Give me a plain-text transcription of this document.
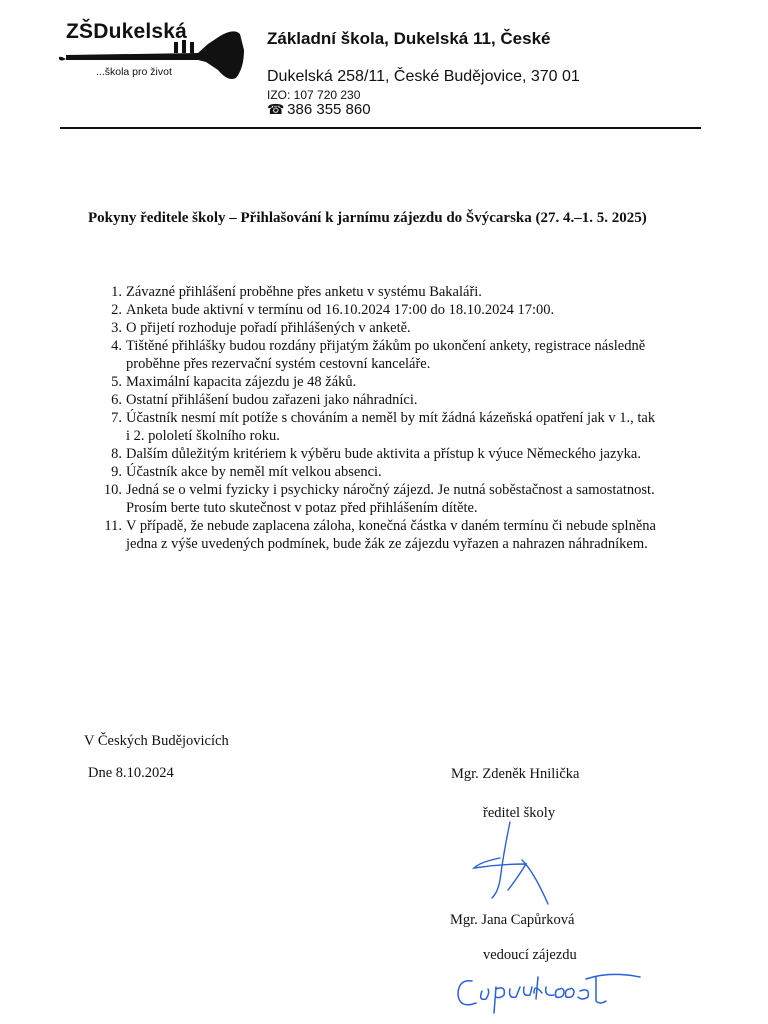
ZŠDukelská
...škola pro život
Základní škola, Dukelská 11, České
Dukelská 258/11, České Budějovice, 370 01
IZO: 107 720 230
☎ 386 355 860
Pokyny ředitele školy – Přihlašování k jarnímu zájezdu do Švýcarska (27. 4.–1. 5. 2025)
1. Závazné přihlášení proběhne přes anketu v systému Bakaláři.
2. Anketa bude aktivní v termínu od 16.10.2024 17:00 do 18.10.2024 17:00.
3. O přijetí rozhoduje pořadí přihlášených v anketě.
4. Tištěné přihlášky budou rozdány přijatým žákům po ukončení ankety, registrace následně proběhne přes rezervační systém cestovní kanceláře.
5. Maximální kapacita zájezdu je 48 žáků.
6. Ostatní přihlášení budou zařazeni jako náhradníci.
7. Účastník nesmí mít potíže s chováním a neměl by mít žádná kázeňská opatření jak v 1., tak i 2. pololetí školního roku.
8. Dalším důležitým kritériem k výběru bude aktivita a přístup k výuce Německého jazyka.
9. Účastník akce by neměl mít velkou absenci.
10. Jedná se o velmi fyzicky i psychicky náročný zájezd. Je nutná soběstačnost a samostatnost. Prosím berte tuto skutečnost v potaz před přihlášením dítěte.
11. V případě, že nebude zaplacena záloha, konečná částka v daném termínu či nebude splněna jedna z výše uvedených podmínek, bude žák ze zájezdu vyřazen a nahrazen náhradníkem.
V Českých Budějovicích
Dne 8.10.2024	Mgr. Zdeněk Hnilička
ředitel školy
Mgr. Jana Capůrková
vedoucí zájezdu
